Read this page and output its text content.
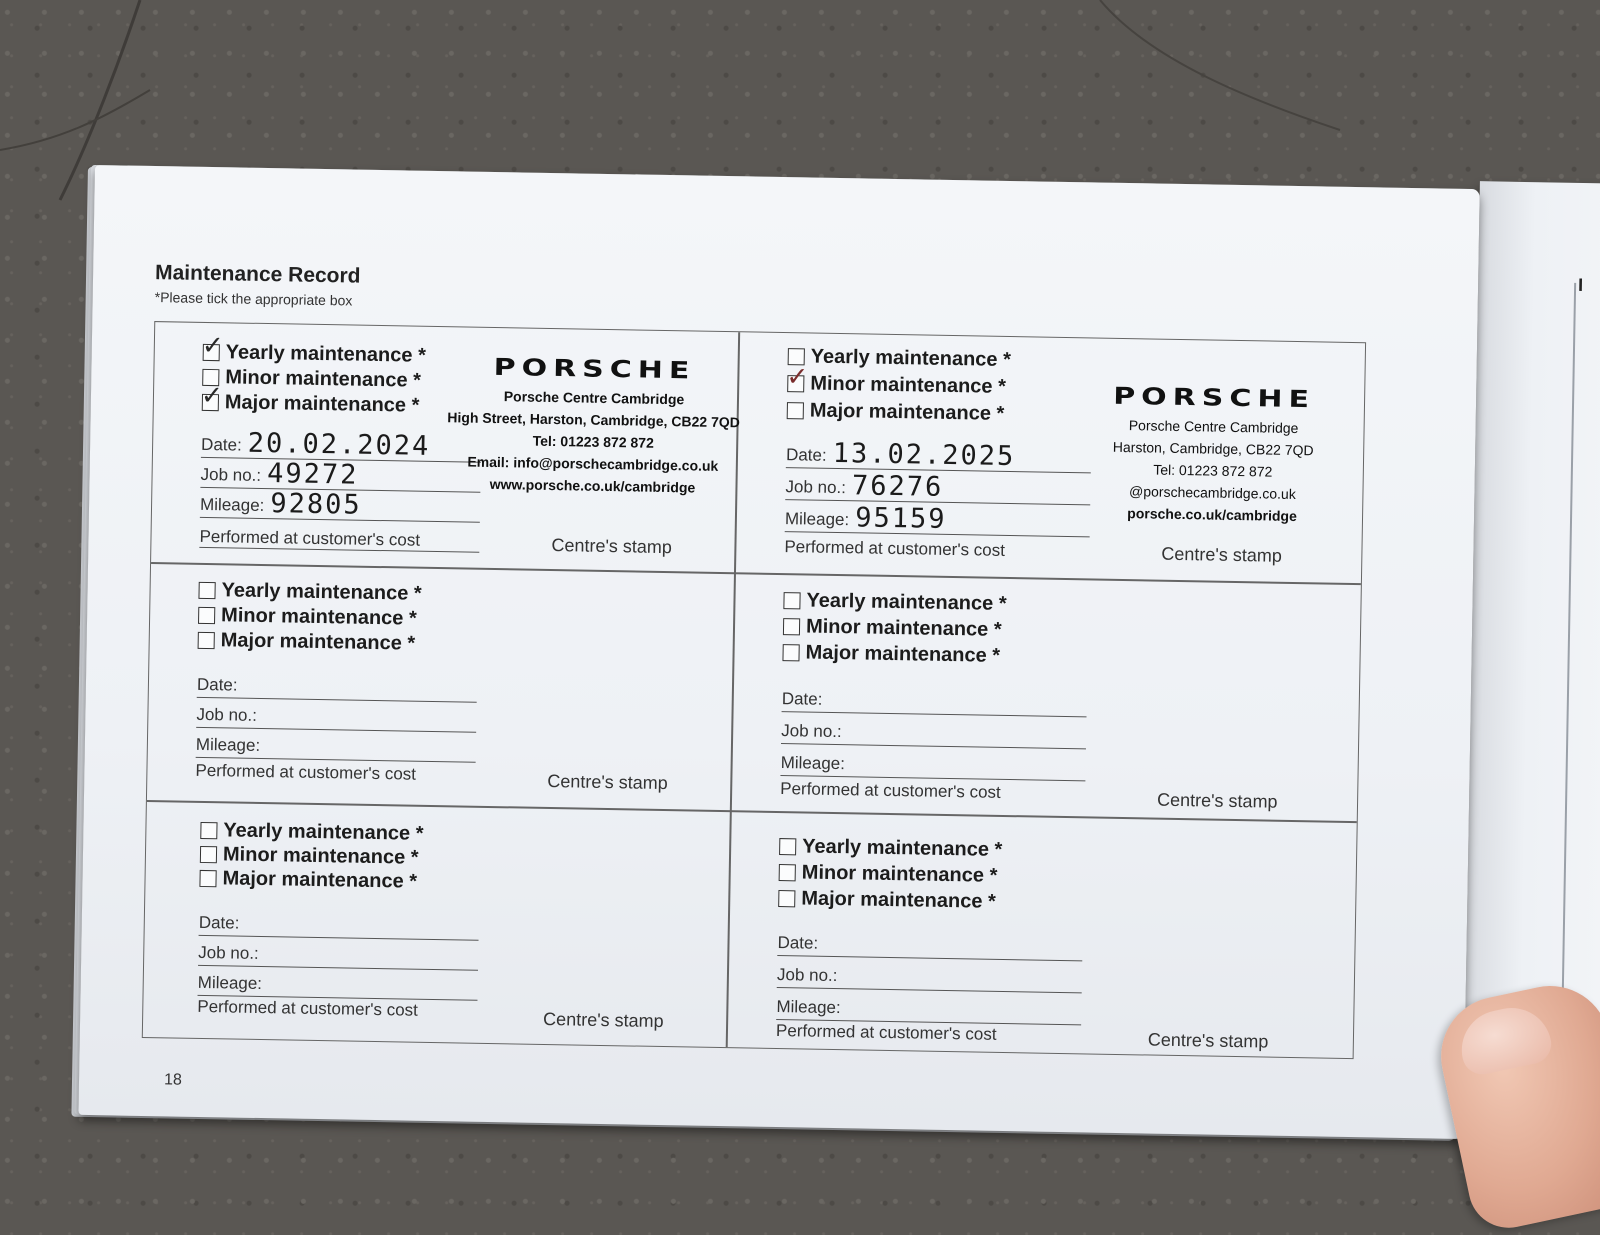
I
Maintenance Record
*Please tick the appropriate box
✓ Yearly maintenance *
Minor maintenance *
✓ Major maintenance *
Date: 20.02.2024
Job no.: 49272
Mileage: 92805
Performed at customer's cost
PORSCHE
Porsche Centre Cambridge
High Street, Harston, Cambridge, CB22 7QD
Tel: 01223 872 872
Email: info@porschecambridge.co.uk
www.porsche.co.uk/cambridge
Centre's stamp
Yearly maintenance *
✓ Minor maintenance *
Major maintenance *
Date: 13.02.2025
Job no.: 76276
Mileage: 95159
Performed at customer's cost
PORSCHE
Porsche Centre Cambridge
Harston, Cambridge, CB22 7QD
Tel: 01223 872 872
@porschecambridge.co.uk
porsche.co.uk/cambridge
Centre's stamp
Yearly maintenance *
Minor maintenance *
Major maintenance *
Date:
Job no.:
Mileage:
Performed at customer's cost	Centre's stamp
Yearly maintenance *
Minor maintenance *
Major maintenance *
Date:
Job no.:
Mileage:
Performed at customer's cost	Centre's stamp
Yearly maintenance *
Minor maintenance *
Major maintenance *
Date:
Job no.:
Mileage:
Performed at customer's cost
Centre's stamp
Yearly maintenance *
Minor maintenance *
Major maintenance *
Date:
Job no.:
Mileage:
Performed at customer's cost	Centre's stamp
18
